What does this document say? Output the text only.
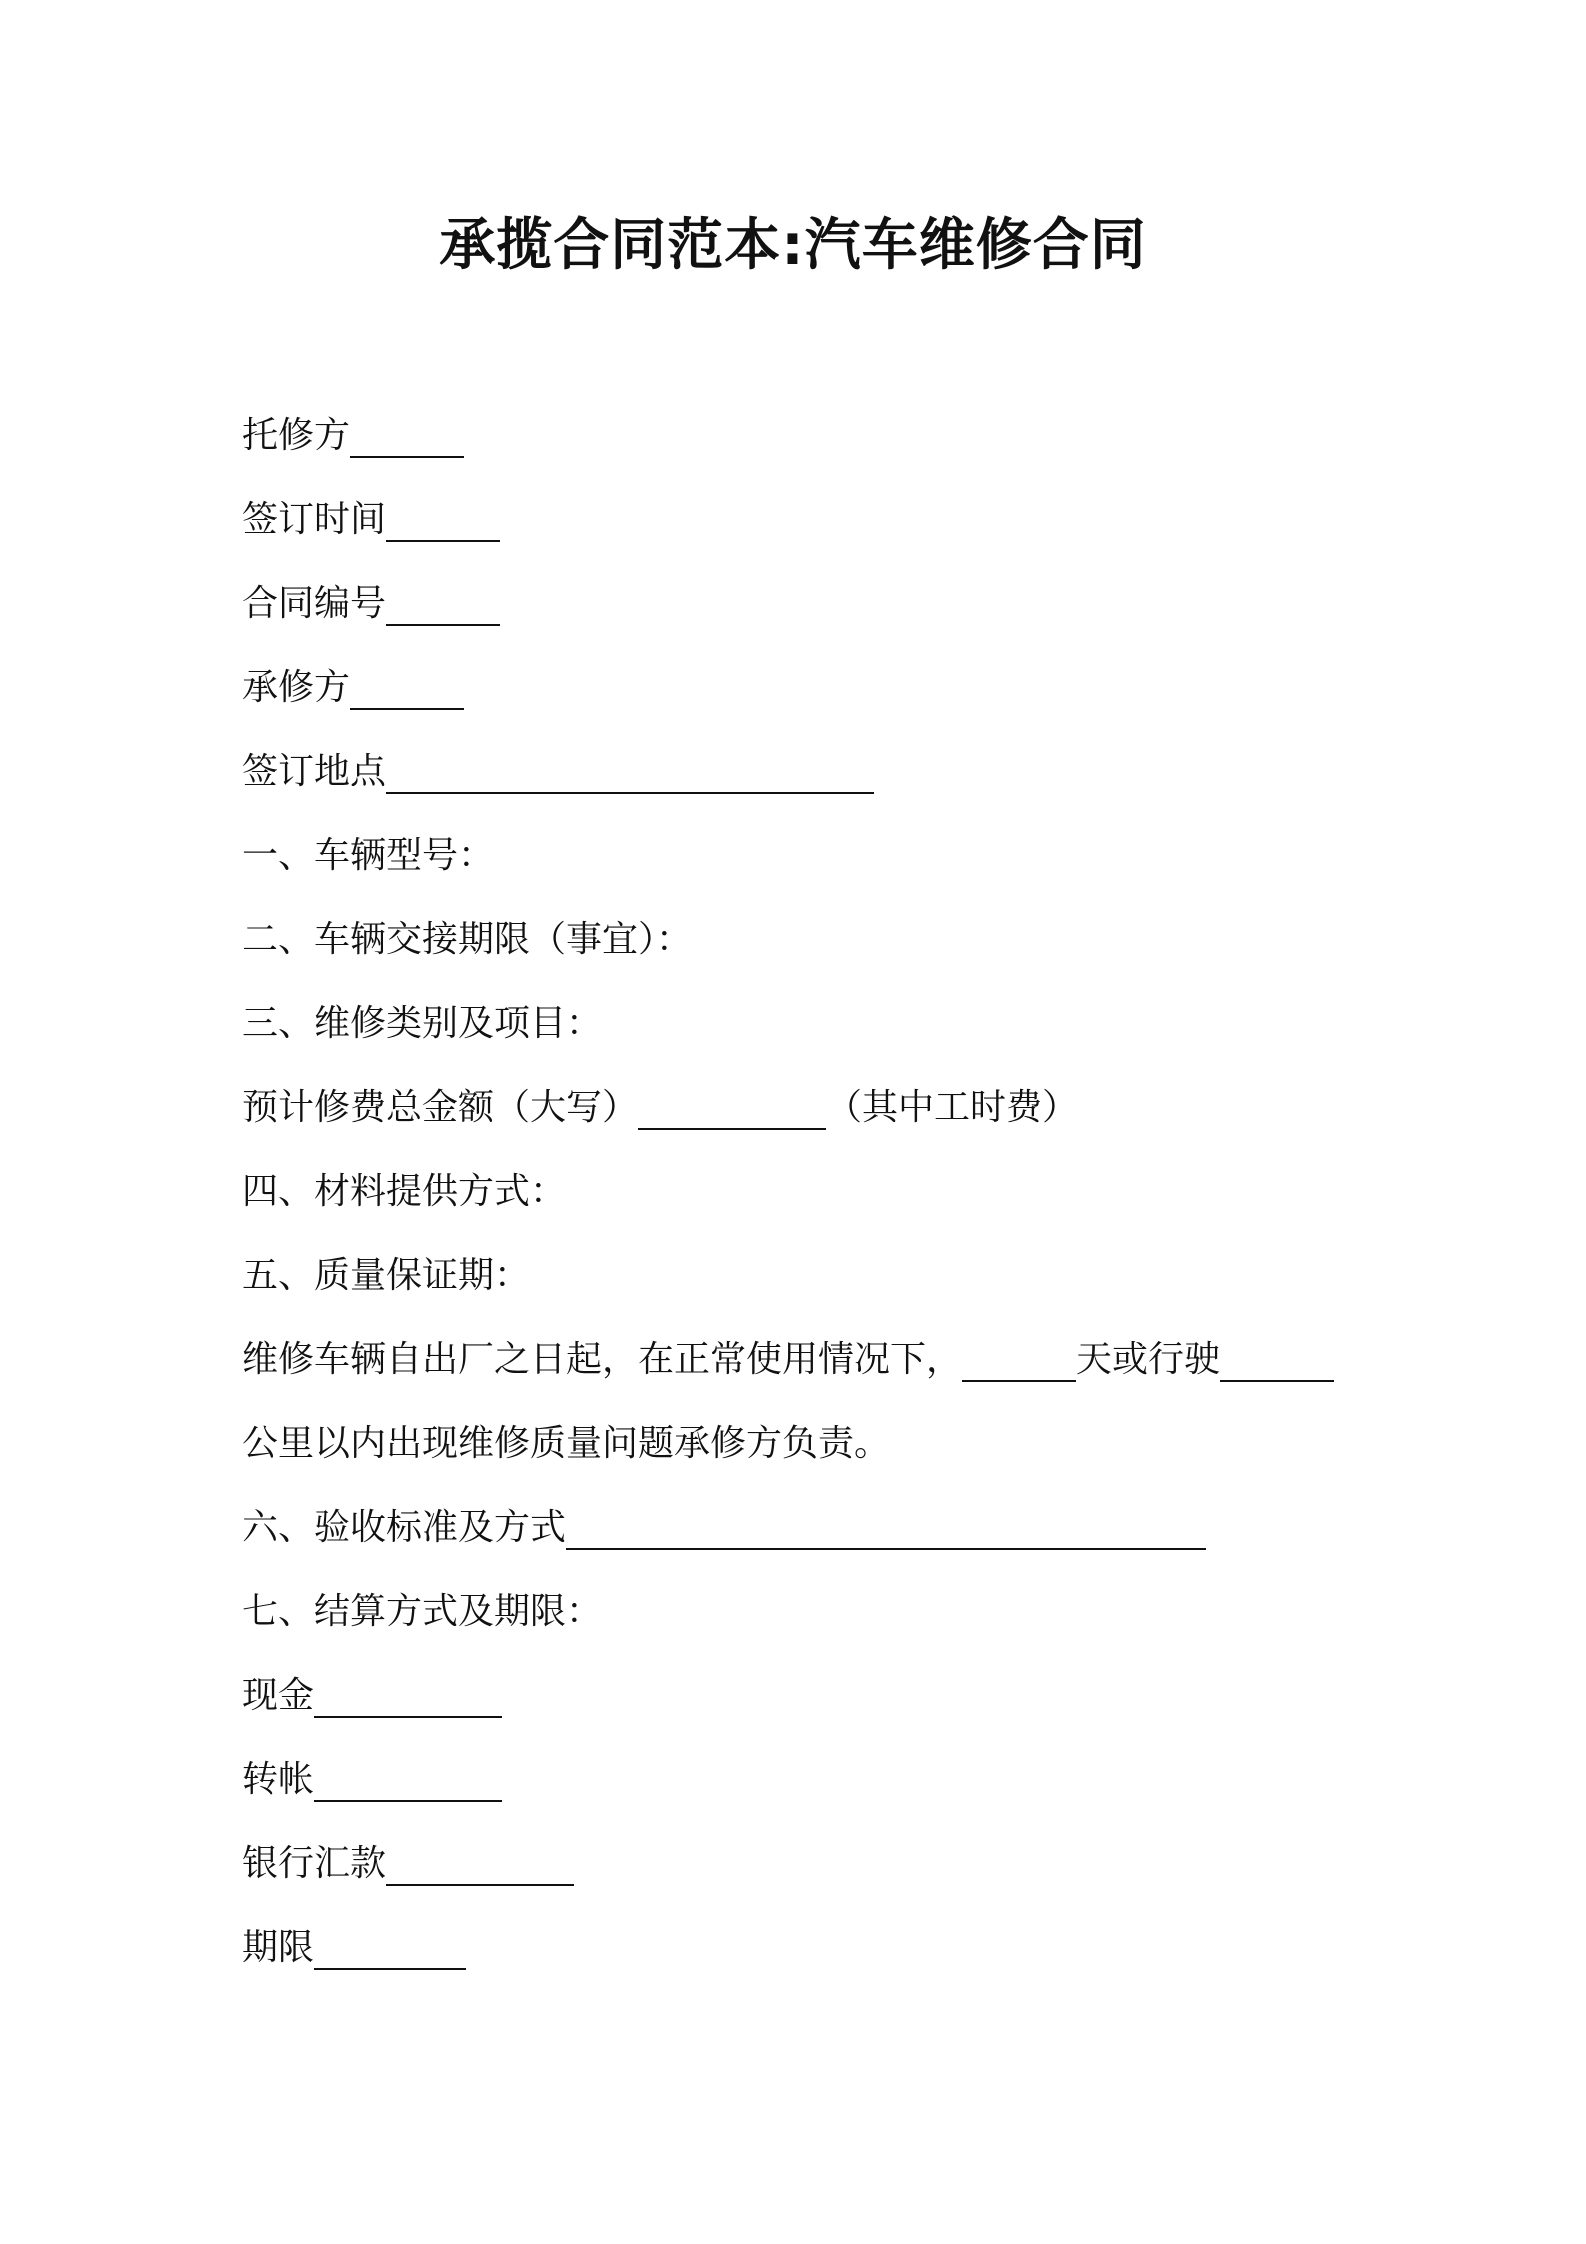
承揽合同范本:汽车维修合同
托修方
签订时间
合同编号
承修方
签订地点
一、车辆型号：
二、车辆交接期限（事宜）：
三、维修类别及项目：
预计修费总金额（大写）	（其中工时费）
四、材料提供方式：
五、质量保证期：
维修车辆自出厂之日起，在正常使用情况下，	天或行驶
公里以内出现维修质量问题承修方负责。
六、验收标准及方式
七、结算方式及期限：
现金
转帐
银行汇款
期限
